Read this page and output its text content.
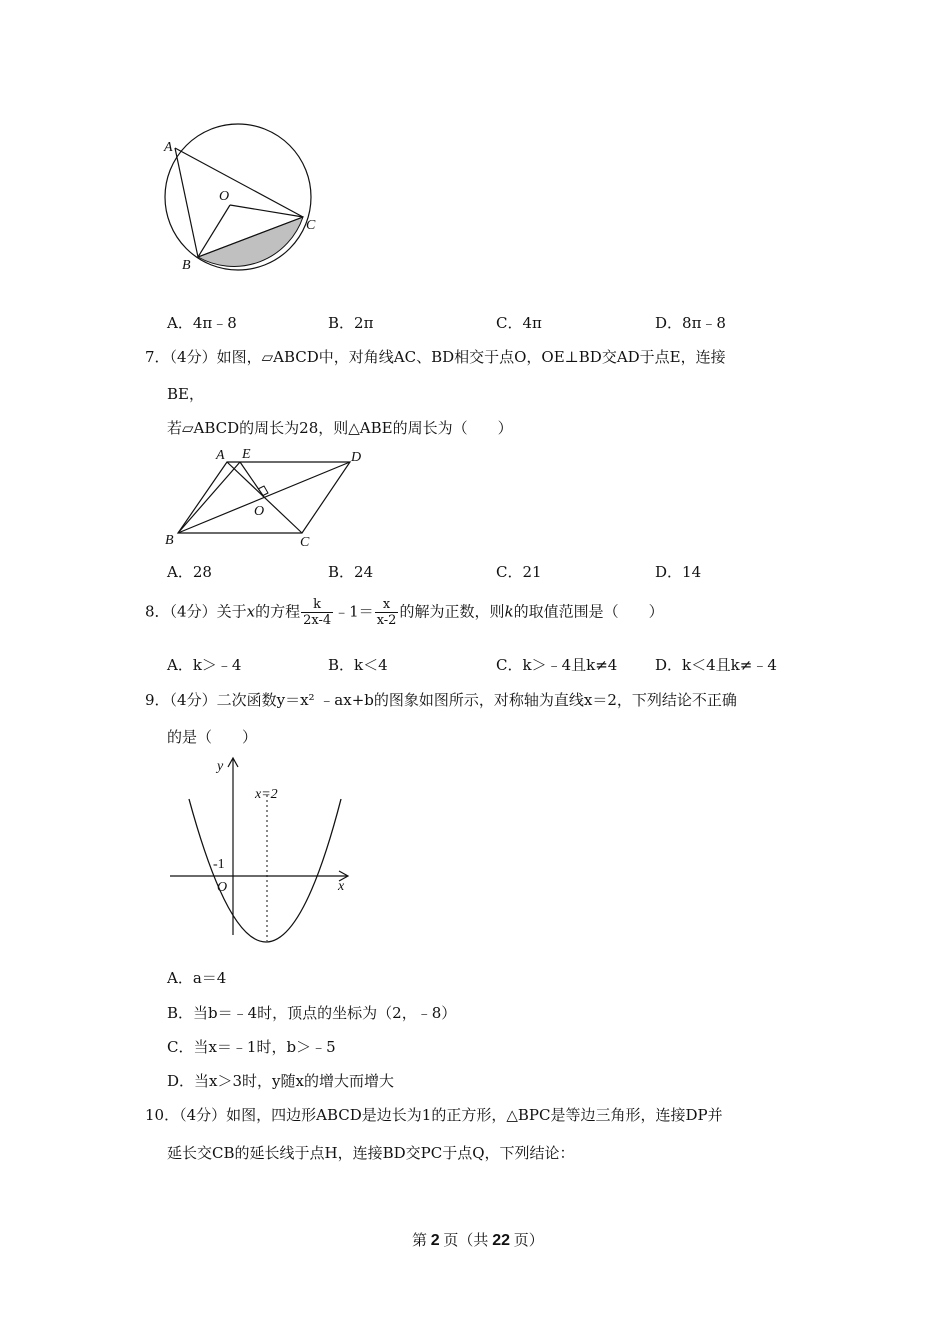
A
O
C
B
A．4π﹣8	B．2π	C．4π	D．8π﹣8
7．（4分）如图，▱ABCD中，对角线AC、BD相交于点O，OE⊥BD交AD于点E，连接
BE，
若▱ABCD的周长为28，则△ABE的周长为（　　）
A E	D
O
B	C
A．28	B．24	C．21	D．14
8．（4分）关于x的方程 $\frac{k}{2x-4}$ ﹣1＝ $\frac{x}{x-2}$ 的解为正数，则k的取值范围是（　　）
A．k＞﹣4	B．k＜4	C．k＞﹣4且k≠4	D．k＜4且k≠﹣4
9．（4分）二次函数y＝x² ﹣ax+b的图象如图所示，对称轴为直线x＝2，下列结论不正确
的是（　　）
y
x
x=2
-1
O
A．a＝4
B．当b＝﹣4时，顶点的坐标为（2，﹣8）
C．当x＝﹣1时，b＞﹣5
D．当x＞3时，y随x的增大而增大
10．（4分）如图，四边形ABCD是边长为1的正方形，△BPC是等边三角形，连接DP并
延长交CB的延长线于点H，连接BD交PC于点Q，下列结论：
第 2 页（共 22 页）
